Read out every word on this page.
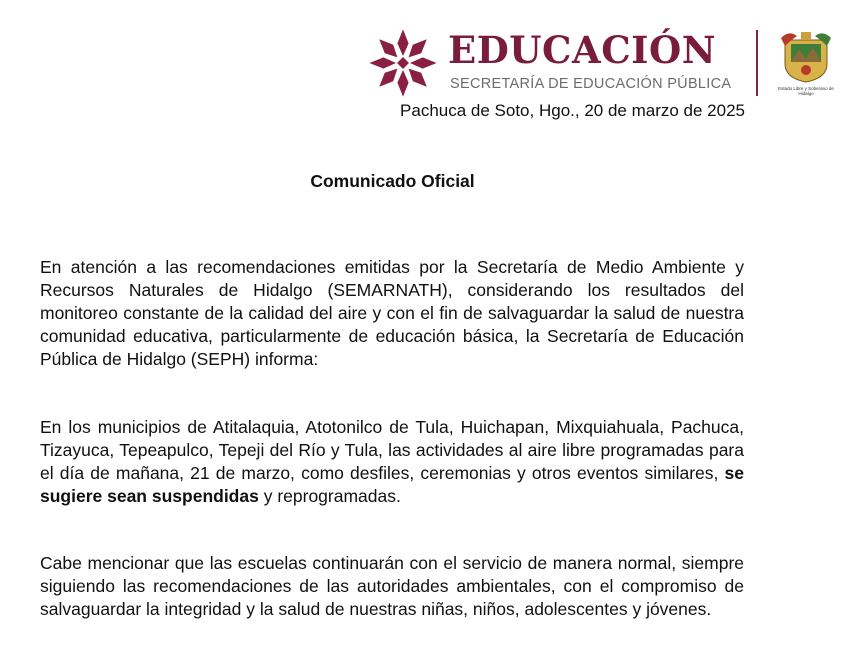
EDUCACIÓN
SECRETARÍA DE EDUCACIÓN PÚBLICA	Estado Libre y Soberano de Hidalgo
Pachuca de Soto, Hgo., 20 de marzo de 2025
Comunicado Oficial

En atención a las recomendaciones emitidas por la Secretaría de Medio Ambiente y Recursos Naturales de Hidalgo (SEMARNATH), considerando los resultados del monitoreo constante de la calidad del aire y con el fin de salvaguardar la salud de nuestra comunidad educativa, particularmente de educación básica, la Secretaría de Educación Pública de Hidalgo (SEPH) informa:

En los municipios de Atitalaquia, Atotonilco de Tula, Huichapan, Mixquiahuala, Pachuca, Tizayuca, Tepeapulco, Tepeji del Río y Tula, las actividades al aire libre programadas para el día de mañana, 21 de marzo, como desfiles, ceremonias y otros eventos similares, se sugiere sean suspendidas y reprogramadas.

Cabe mencionar que las escuelas continuarán con el servicio de manera normal, siempre siguiendo las recomendaciones de las autoridades ambientales, con el compromiso de salvaguardar la integridad y la salud de nuestras niñas, niños, adolescentes y jóvenes.
